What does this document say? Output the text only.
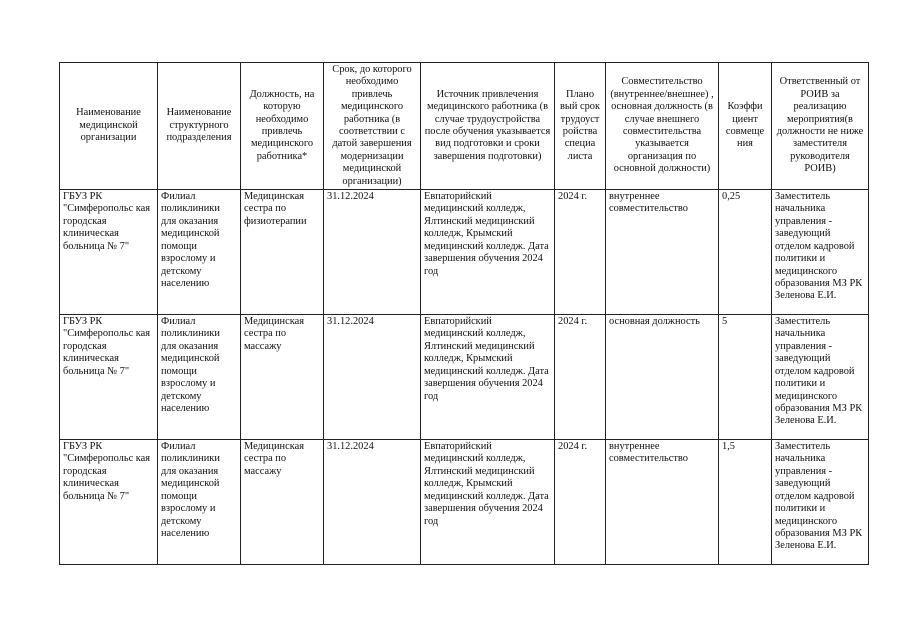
Наименование медицинской организации	Наименование структурного подразделения	Должность, на которую необходимо привлечь медицинского работника*	Срок, до которого необходимо привлечь медицинского работника (в соответствии с датой завершения модернизации медицинской организации)	Источник привлечения медицинского работника (в случае трудоустройства после обучения указывается вид подготовки и сроки завершения подготовки)	Плано вый срок трудоуст ройства специа листа	Совместительство (внутреннее/внешнее) , основная должность (в случае внешнего совместительства указывается организация по основной должности)	Коэффи циент совмеще ния	Ответственный от РОИВ за реализацию мероприятия(в должности не ниже заместителя руководителя РОИВ)
ГБУЗ РК "Симферопольс кая городская клиническая больница № 7"	Филиал поликлиники для оказания медицинской помощи взрослому и детскому населению	Медицинская сестра по физиотерапии	31.12.2024	Евпаторийский медицинский колледж, Ялтинский медицинский колледж, Крымский медицинский колледж. Дата завершения обучения 2024 год	2024 г.	внутреннее совместительство	0,25	Заместитель начальника управления - заведующий отделом кадровой политики и медицинского образования МЗ РК Зеленова Е.И.
ГБУЗ РК "Симферопольс кая городская клиническая больница № 7"	Филиал поликлиники для оказания медицинской помощи взрослому и детскому населению	Медицинская сестра по массажу	31.12.2024	Евпаторийский медицинский колледж, Ялтинский медицинский колледж, Крымский медицинский колледж. Дата завершения обучения 2024 год	2024 г.	основная должность	5	Заместитель начальника управления - заведующий отделом кадровой политики и медицинского образования МЗ РК Зеленова Е.И.
ГБУЗ РК "Симферопольс кая городская клиническая больница № 7"	Филиал поликлиники для оказания медицинской помощи взрослому и детскому населению	Медицинская сестра по массажу	31.12.2024	Евпаторийский медицинский колледж, Ялтинский медицинский колледж, Крымский медицинский колледж. Дата завершения обучения 2024 год	2024 г.	внутреннее совместительство	1,5	Заместитель начальника управления - заведующий отделом кадровой политики и медицинского образования МЗ РК Зеленова Е.И.
